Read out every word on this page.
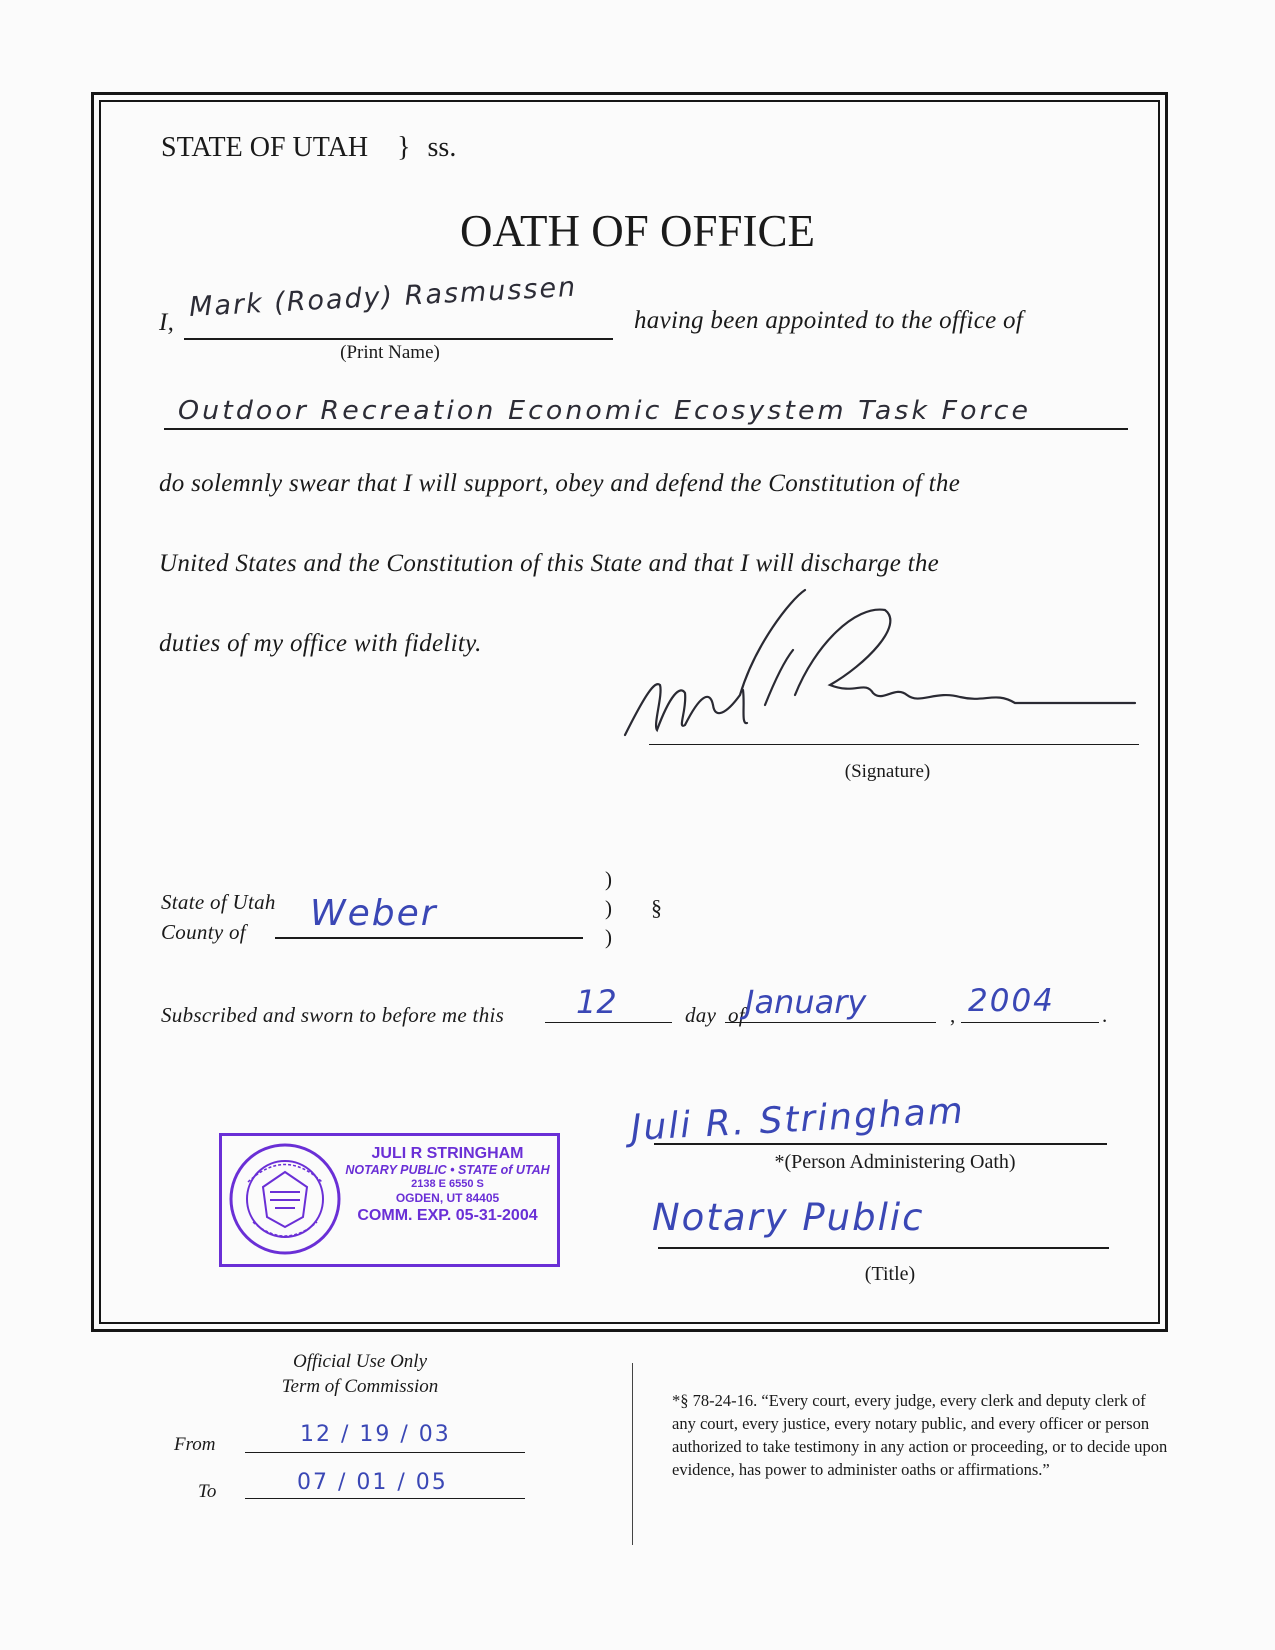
STATE OF UTAH } ss.
OATH OF OFFICE
I, Mark (Roady) Rasmussen
(Print Name)
having been appointed to the office of
Outdoor Recreation Economic Ecosystem Task Force
do solemnly swear that I will support, obey and defend the Constitution of the
United States and the Constitution of this State and that I will discharge the
duties of my office with fidelity.
(Signature)
State of Utah
County of Weber
)
)
)
§
Subscribed and sworn to before me this 12	day of January	, 2004 .
Juli R. Stringham
*(Person Administering Oath)
Notary Public
(Title)
JULI R STRINGHAM
NOTARY PUBLIC • STATE of UTAH
2138 E 6550 S
OGDEN, UT 84405
COMM. EXP. 05-31-2004
Official Use Only
Term of Commission
From	12 / 19 / 03
To	07 / 01 / 05
*§ 78-24-16. “Every court, every judge, every clerk and deputy clerk of any court, every justice, every notary public, and every officer or person authorized to take testimony in any action or proceeding, or to decide upon evidence, has power to administer oaths or affirmations.”
